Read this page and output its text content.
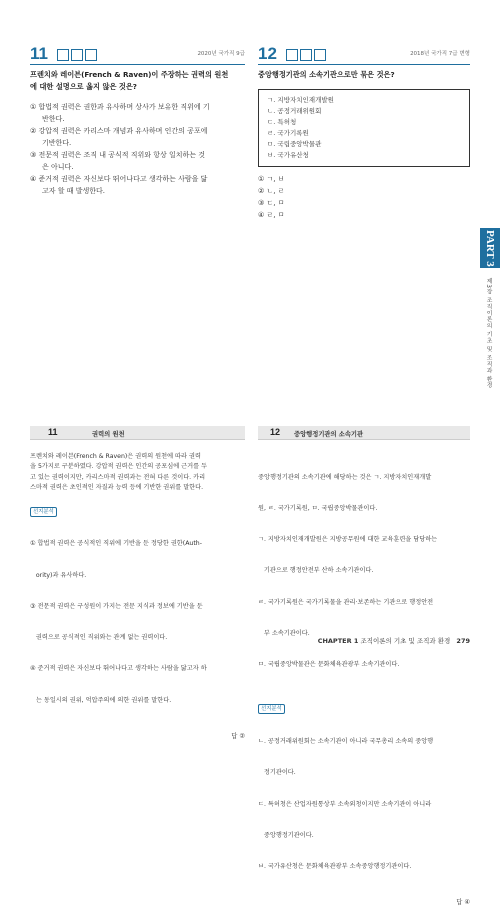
11	2020년 국가직 9급
프렌치와 레이븐(French & Raven)이 주장하는 권력의 원천
에 대한 설명으로 옳지 않은 것은?
① 합법적 권력은 권한과 유사하며 상사가 보유한 직위에 기
반한다.
② 강압적 권력은 카리스마 개념과 유사하며 인간의 공포에
기반한다.
③ 전문적 권력은 조직 내 공식적 직위와 항상 일치하는 것
은 아니다.
④ 준거적 권력은 자신보다 뛰어나다고 생각하는 사람을 닮
고자 할 때 발생한다.
12	2018년 국가직 7급 변형
중앙행정기관의 소속기관으로만 묶은 것은?
ㄱ. 지방자치인재개발원
ㄴ. 공정거래위원회
ㄷ. 특허청
ㄹ. 국가기록원
ㅁ. 국립중앙박물관
ㅂ. 국가유산청
① ㄱ, ㅂ
② ㄴ, ㄹ
③ ㄷ, ㅁ
④ ㄹ, ㅁ
PART 3
제3장 조직이론의 기초 및 조직과 환경
11	권력의 원천
프렌치와 레이븐(French & Raven)은 권력의 원천에 따라 권력
을 5가지로 구분하였다. 강압적 권력은 인간의 공포심에 근거를 두
고 있는 권력이지만, 카리스마적 권력과는 전혀 다른 것이다. 카리
스마적 권력은 초인적인 자질과 능력 등에 기반한 권위를 말한다.
선지분석

① 합법적 권력은 공식적인 직위에 기반을 둔 정당한 권한(Auth-

ority)과 유사하다.

③ 전문적 권력은 구성원이 가지는 전문 지식과 정보에 기반을 둔

권력으로 공식적인 직위와는 관계 없는 권력이다.

④ 준거적 권력은 자신보다 뛰어나다고 생각하는 사람을 닮고자 하

는 동일시의 권위, 억압주의에 의한 권위를 말한다.

답 ②
12 중앙행정기관의 소속기관

중앙행정기관의 소속기관에 해당하는 것은 ㄱ. 지방자치인재개발

원, ㄹ. 국가기록원, ㅁ. 국립중앙박물관이다.

ㄱ. 지방자치인재개발원은 지방공무원에 대한 교육훈련을 담당하는

기관으로 행정안전부 산하 소속기관이다.

ㄹ. 국가기록원은 국가기록물을 관리·보존하는 기관으로 행정안전

부 소속기관이다.

ㅁ. 국립중앙박물관은 문화체육관광부 소속기관이다.

선지분석

ㄴ. 공정거래위원회는 소속기관이 아니라 국무총리 소속의 중앙행

정기관이다.

ㄷ. 특허청은 산업자원통상부 소속외청이지만 소속기관이 아니라

중앙행정기관이다.

ㅂ. 국가유산청은 문화체육관광부 소속중앙행정기관이다.

답 ④
CHAPTER 1 조직이론의 기초 및 조직과 환경 279
